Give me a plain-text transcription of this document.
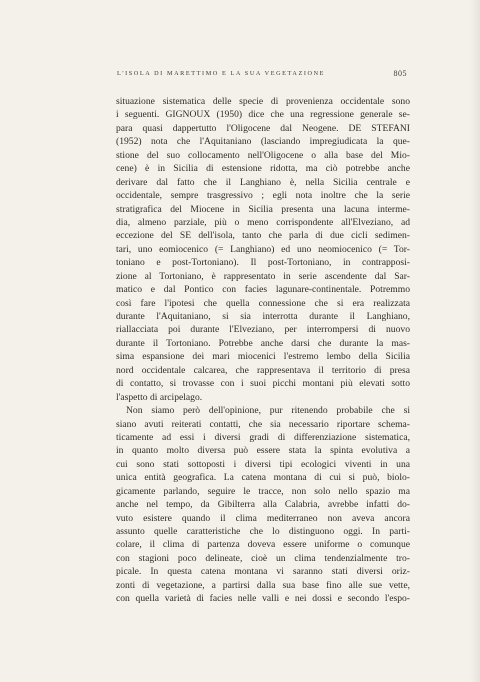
L'ISOLA DI MARETTIMO E LA SUA VEGETAZIONE	805
situazione sistematica delle specie di provenienza occidentale sono
i seguenti. GIGNOUX (1950) dice che una regressione generale se-
para quasi dappertutto l'Oligocene dal Neogene. DE STEFANI
(1952) nota che l'Aquitaniano (lasciando impregiudicata la que-
stione del suo collocamento nell'Oligocene o alla base del Mio-
cene) è in Sicilia di estensione ridotta, ma ciò potrebbe anche
derivare dal fatto che il Langhiano è, nella Sicilia centrale e
occidentale, sempre trasgressivo ; egli nota inoltre che la serie
stratigrafica del Miocene in Sicilia presenta una lacuna interme-
dia, almeno parziale, più o meno corrispondente all'Elveziano, ad
eccezione del SE dell'isola, tanto che parla di due cicli sedimen-
tari, uno eomiocenico (= Langhiano) ed uno neomiocenico (= Tor-
toniano e post-Tortoniano). Il post-Tortoniano, in contrapposi-
zione al Tortoniano, è rappresentato in serie ascendente dal Sar-
matico e dal Pontico con facies lagunare-continentale. Potremmo
così fare l'ipotesi che quella connessione che si era realizzata
durante l'Aquitaniano, si sia interrotta durante il Langhiano,
riallacciata poi durante l'Elveziano, per interrompersi di nuovo
durante il Tortoniano. Potrebbe anche darsi che durante la mas-
sima espansione dei mari miocenici l'estremo lembo della Sicilia
nord occidentale calcarea, che rappresentava il territorio di presa
di contatto, si trovasse con i suoi picchi montani più elevati sotto
l'aspetto di arcipelago.
Non siamo però dell'opinione, pur ritenendo probabile che si
siano avuti reiterati contatti, che sia necessario riportare schema-
ticamente ad essi i diversi gradi di differenziazione sistematica,
in quanto molto diversa può essere stata la spinta evolutiva a
cui sono stati sottoposti i diversi tipi ecologici viventi in una
unica entità geografica. La catena montana di cui si può, biolo-
gicamente parlando, seguire le tracce, non solo nello spazio ma
anche nel tempo, da Gibilterra alla Calabria, avrebbe infatti do-
vuto esistere quando il clima mediterraneo non aveva ancora
assunto quelle caratteristiche che lo distinguono oggi. In parti-
colare, il clima di partenza doveva essere uniforme o comunque
con stagioni poco delineate, cioè un clima tendenzialmente tro-
picale. In questa catena montana vi saranno stati diversi oriz-
zonti di vegetazione, a partirsi dalla sua base fino alle sue vette,
con quella varietà di facies nelle valli e nei dossi e secondo l'espo-
